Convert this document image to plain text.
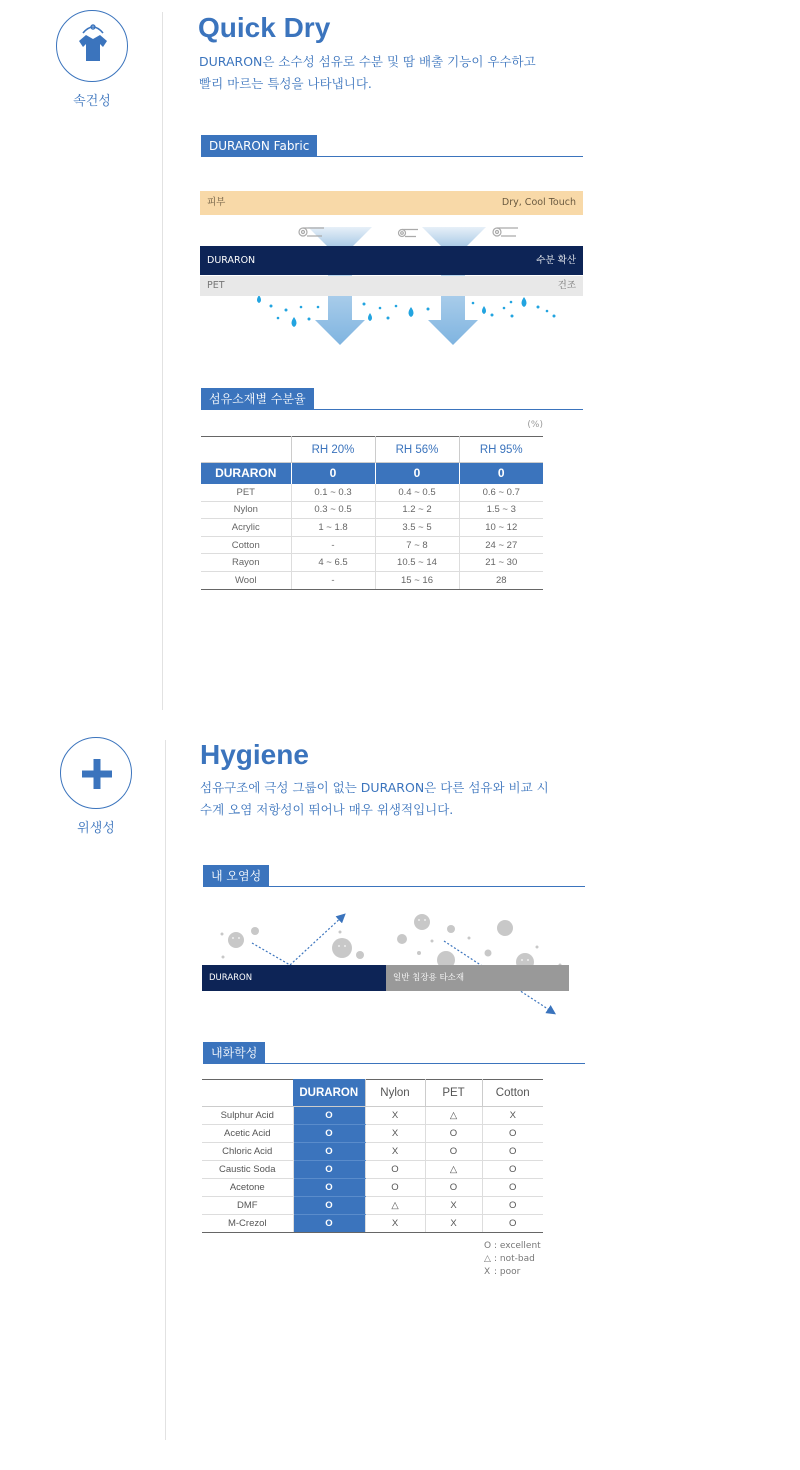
속건성
Quick Dry
DURARON은 소수성 섬유로 수분 및 땀 배출 기능이 우수하고
빨리 마르는 특성을 나타냅니다.
DURARON Fabric
피부	Dry, Cool Touch
DURARON	수분 확산
PET	건조
섬유소재별 수분율
(%)
	RH 20%	RH 56%	RH 95%
DURARON	0	0	0
PET	0.1 ~ 0.3	0.4 ~ 0.5	0.6 ~ 0.7
Nylon	0.3 ~ 0.5	1.2 ~ 2	1.5 ~ 3
Acrylic	1 ~ 1.8	3.5 ~ 5	10 ~ 12
Cotton	-	7 ~ 8	24 ~ 27
Rayon	4 ~ 6.5	10.5 ~ 14	21 ~ 30
Wool	-	15 ~ 16	28
위생성
Hygiene
섬유구조에 극성 그룹이 없는 DURARON은 다른 섬유와 비교 시
수계 오염 저항성이 뛰어나 매우 위생적입니다.
내 오염성
DURARON	일반 침장용 타소재
내화학성
	DURARON	Nylon	PET	Cotton
Sulphur Acid	O	X	△	X
Acetic Acid	O	X	O	O
Chloric Acid	O	X	O	O
Caustic Soda	O	O	△	O
Acetone	O	O	O	O
DMF	O	△	X	O
M-Crezol	O	X	X	O
O : excellent
△ : not-bad
X : poor
